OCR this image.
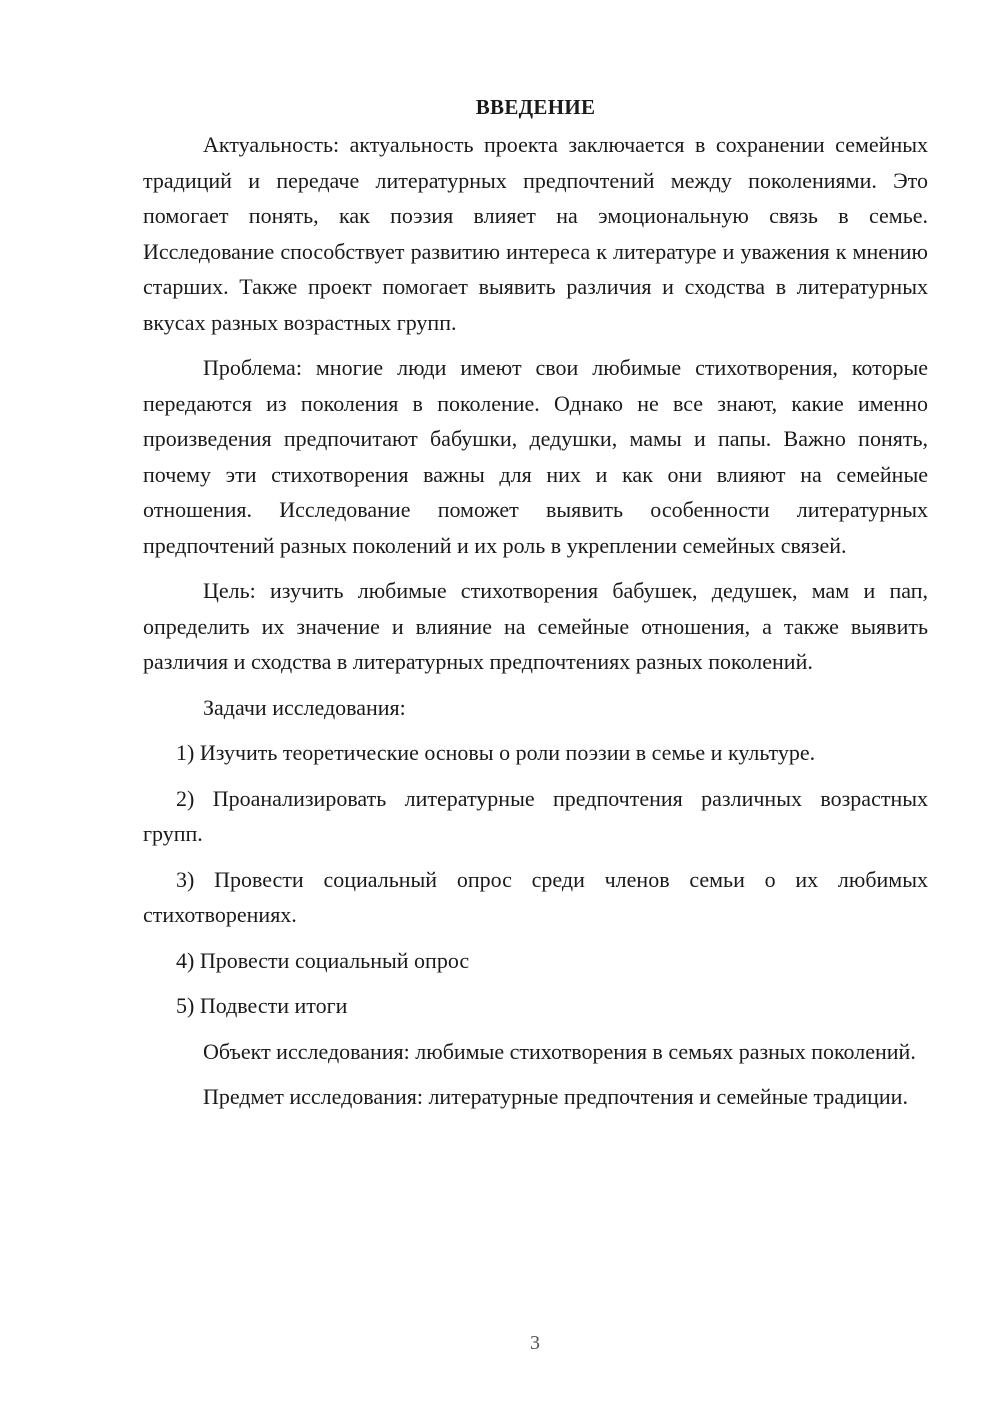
ВВЕДЕНИЕ

Актуальность: актуальность проекта заключается в сохранении семейных традиций и передаче литературных предпочтений между поколениями. Это помогает понять, как поэзия влияет на эмоциональную связь в семье. Исследование способствует развитию интереса к литературе и уважения к мнению старших. Также проект помогает выявить различия и сходства в литературных вкусах разных возрастных групп.

Проблема: многие люди имеют свои любимые стихотворения, которые передаются из поколения в поколение. Однако не все знают, какие именно произведения предпочитают бабушки, дедушки, мамы и папы. Важно понять, почему эти стихотворения важны для них и как они влияют на семейные отношения. Исследование поможет выявить особенности литературных предпочтений разных поколений и их роль в укреплении семейных связей.

Цель: изучить любимые стихотворения бабушек, дедушек, мам и пап, определить их значение и влияние на семейные отношения, а также выявить различия и сходства в литературных предпочтениях разных поколений.

Задачи исследования:

1) Изучить теоретические основы о роли поэзии в семье и культуре.

2) Проанализировать литературные предпочтения различных возрастных групп.

3) Провести социальный опрос среди членов семьи о их любимых стихотворениях.

4) Провести социальный опрос

5) Подвести итоги

Объект исследования: любимые стихотворения в семьях разных поколений.

Предмет исследования: литературные предпочтения и семейные традиции.

3
